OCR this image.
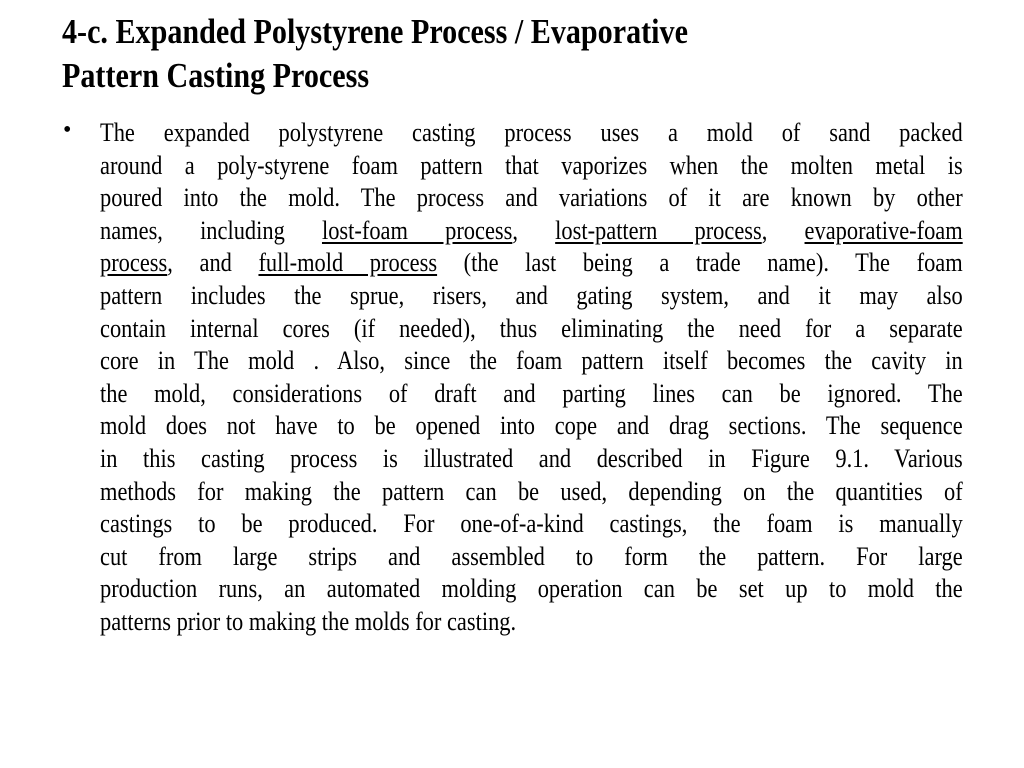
4-c. Expanded Polystyrene Process / Evaporative
Pattern Casting Process
• The expanded polystyrene casting process uses a mold of sand packed
around a poly-styrene foam pattern that vaporizes when the molten metal is
poured into the mold. The process and variations of it are known by other
names, including lost-foam process, lost-pattern process, evaporative-foam
process, and full-mold process (the last being a trade name). The foam
pattern includes the sprue, risers, and gating system, and it may also
contain internal cores (if needed), thus eliminating the need for a separate
core in The mold . Also, since the foam pattern itself becomes the cavity in
the mold, considerations of draft and parting lines can be ignored. The
mold does not have to be opened into cope and drag sections. The sequence
in this casting process is illustrated and described in Figure 9.1. Various
methods for making the pattern can be used, depending on the quantities of
castings to be produced. For one-of-a-kind castings, the foam is manually
cut from large strips and assembled to form the pattern. For large
production runs, an automated molding operation can be set up to mold the
patterns prior to making the molds for casting.
